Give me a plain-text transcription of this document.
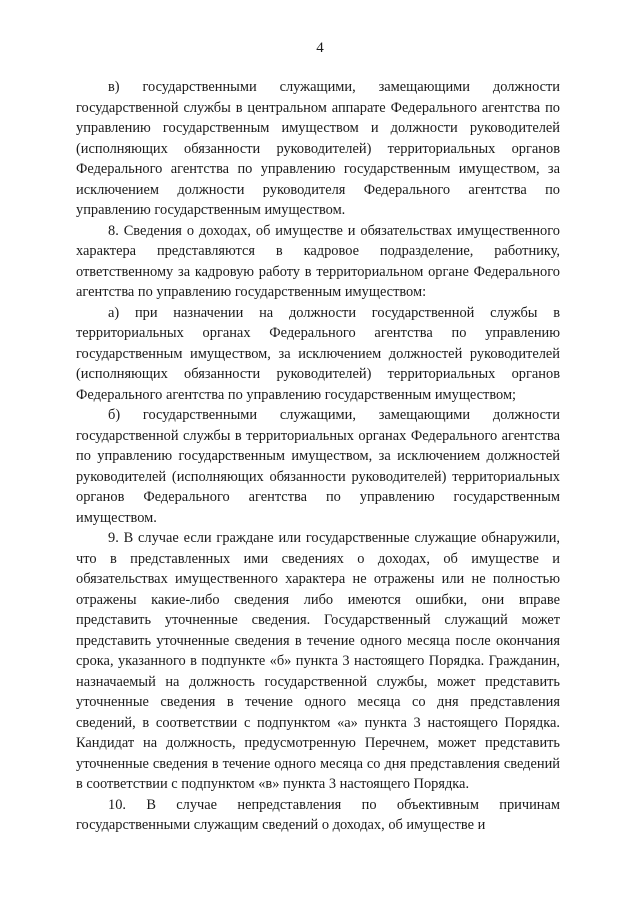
4

в) государственными служащими, замещающими должности государственной службы в центральном аппарате Федерального агентства по управлению государственным имуществом и должности руководителей (исполняющих обязанности руководителей) территориальных органов Федерального агентства по управлению государственным имуществом, за исключением должности руководителя Федерального агентства по управлению государственным имуществом.

8. Сведения о доходах, об имуществе и обязательствах имущественного характера представляются в кадровое подразделение, работнику, ответственному за кадровую работу в территориальном органе Федерального агентства по управлению государственным имуществом:

а) при назначении на должности государственной службы в территориальных органах Федерального агентства по управлению государственным имуществом, за исключением должностей руководителей (исполняющих обязанности руководителей) территориальных органов Федерального агентства по управлению государственным имуществом;

б) государственными служащими, замещающими должности государственной службы в территориальных органах Федерального агентства по управлению государственным имуществом, за исключением должностей руководителей (исполняющих обязанности руководителей) территориальных органов Федерального агентства по управлению государственным имуществом.

9. В случае если граждане или государственные служащие обнаружили, что в представленных ими сведениях о доходах, об имуществе и обязательствах имущественного характера не отражены или не полностью отражены какие-либо сведения либо имеются ошибки, они вправе представить уточненные сведения. Государственный служащий может представить уточненные сведения в течение одного месяца после окончания срока, указанного в подпункте «б» пункта 3 настоящего Порядка. Гражданин, назначаемый на должность государственной службы, может представить уточненные сведения в течение одного месяца со дня представления сведений, в соответствии с подпунктом «а» пункта 3 настоящего Порядка. Кандидат на должность, предусмотренную Перечнем, может представить уточненные сведения в течение одного месяца со дня представления сведений в соответствии с подпунктом «в» пункта 3 настоящего Порядка.

10. В случае непредставления по объективным причинам государственными служащим сведений о доходах, об имуществе и
